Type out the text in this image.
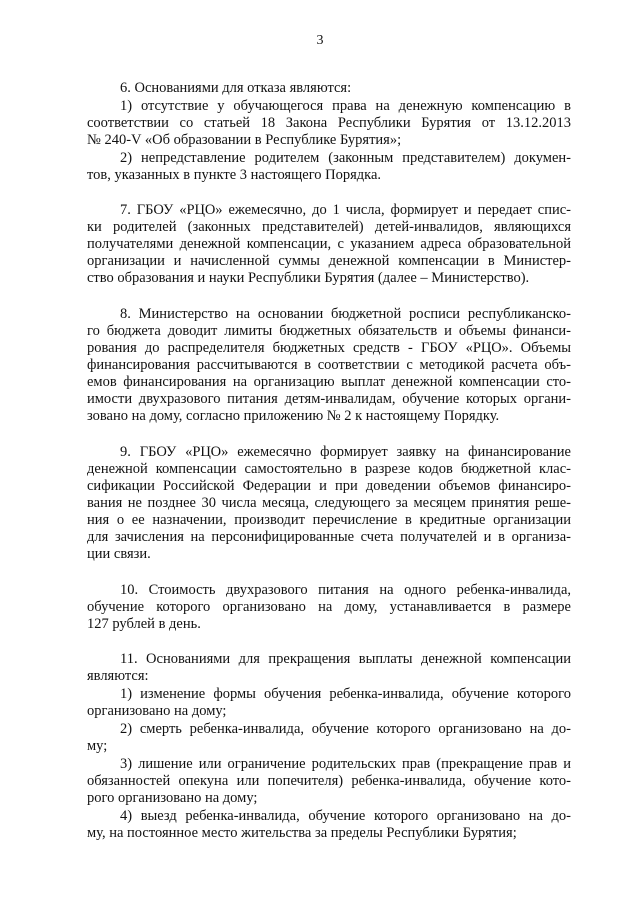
3
6. Основаниями для отказа являются:
1) отсутствие у обучающегося права на денежную компенсацию в
соответствии со статьей 18 Закона Республики Бурятия от 13.12.2013
№ 240-V «Об образовании в Республике Бурятия»;
2) непредставление родителем (законным представителем) докумен-
тов, указанных в пункте 3 настоящего Порядка.
7. ГБОУ «РЦО» ежемесячно, до 1 числа, формирует и передает спис-
ки родителей (законных представителей) детей-инвалидов, являющихся
получателями денежной компенсации, с указанием адреса образовательной
организации и начисленной суммы денежной компенсации в Министер-
ство образования и науки Республики Бурятия (далее – Министерство).
8. Министерство на основании бюджетной росписи республиканско-
го бюджета доводит лимиты бюджетных обязательств и объемы финанси-
рования до распределителя бюджетных средств - ГБОУ «РЦО». Объемы
финансирования рассчитываются в соответствии с методикой расчета объ-
емов финансирования на организацию выплат денежной компенсации сто-
имости двухразового питания детям-инвалидам, обучение которых органи-
зовано на дому, согласно приложению № 2 к настоящему Порядку.
9. ГБОУ «РЦО» ежемесячно формирует заявку на финансирование
денежной компенсации самостоятельно в разрезе кодов бюджетной клас-
сификации Российской Федерации и при доведении объемов финансиро-
вания не позднее 30 числа месяца, следующего за месяцем принятия реше-
ния о ее назначении, производит перечисление в кредитные организации
для зачисления на персонифицированные счета получателей и в организа-
ции связи.
10. Стоимость двухразового питания на одного ребенка-инвалида,
обучение которого организовано на дому, устанавливается в размере
127 рублей в день.
11. Основаниями для прекращения выплаты денежной компенсации
являются:
1) изменение формы обучения ребенка-инвалида, обучение которого
организовано на дому;
2) смерть ребенка-инвалида, обучение которого организовано на до-
му;
3) лишение или ограничение родительских прав (прекращение прав и
обязанностей опекуна или попечителя) ребенка-инвалида, обучение кото-
рого организовано на дому;
4) выезд ребенка-инвалида, обучение которого организовано на до-
му, на постоянное место жительства за пределы Республики Бурятия;
